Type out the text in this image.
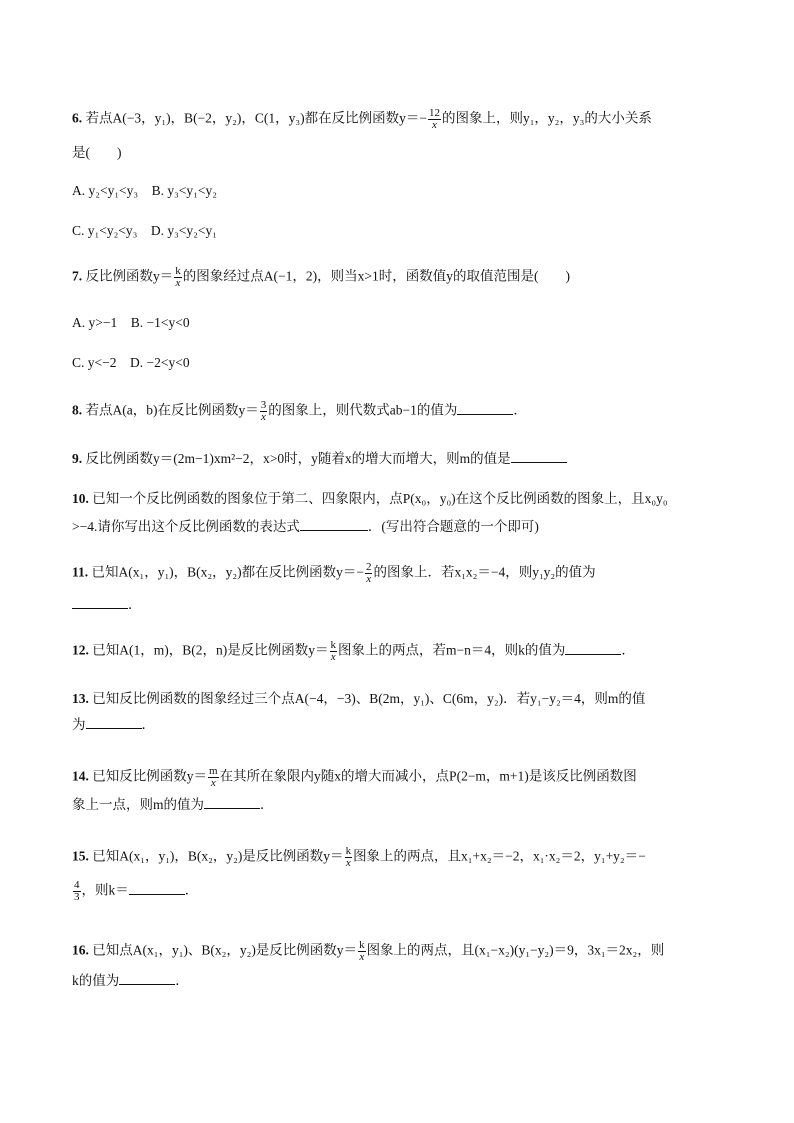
6. 若点A(−3，y₁)，B(−2，y₂)，C(1，y₃)都在反比例函数$y=- \frac{12}{x}$ 的图象上，则y₁，y₂，y₃的大小关系
是(　　)
A. y₂<y₁<y₃　B. y₃<y₁<y₂
C. y₁<y₂<y₃　D. y₃<y₂<y₁
7. 反比例函数$y= \frac{k}{x}$ 的图象经过点A(−1，2)，则当x>1时，函数值y的取值范围是(　　)
A. y>−1　B. −1<y<0
C. y<−2　D. −2<y<0
8. 若点A(a，b)在反比例函数$y= \frac{3}{x}$ 的图象上，则代数式ab−1的值为	．
9. 反比例函数y＝(2m−1)xm²−2，x>0时，y随着x的增大而增大，则m的值是
10. 已知一个反比例函数的图象位于第二、四象限内，点P(x₀，y₀)在这个反比例函数的图象上，且x₀y₀
>−4.请你写出这个反比例函数的表达式	．(写出符合题意的一个即可)
11. 已知A(x₁，y₁)，B(x₂，y₂)都在反比例函数$y=- \frac{2}{x}$ 的图象上．若x₁x₂＝−4，则y₁y₂的值为
．
12. 已知A(1，m)，B(2，n)是反比例函数$y= \frac{k}{x}$ 图象上的两点，若m−n＝4，则k的值为	．
13. 已知反比例函数的图象经过三个点A(−4，−3)、B(2m，y₁)、C(6m，y₂)．若y₁−y₂＝4，则m的值
为	．
14. 已知反比例函数$y= \frac{m}{x}$ 在其所在象限内y随x的增大而减小，点P(2−m，m+1)是该反比例函数图
象上一点，则m的值为	．
15. 已知A(x₁，y₁)，B(x₂，y₂)是反比例函数$y= \frac{k}{x}$ 图象上的两点，且x₁+x₂＝−2，x₁·x₂＝2，y₁+y₂＝−
$\frac{4}{3}$ ，则k＝	．
16. 已知点A(x₁，y₁)、B(x₂，y₂)是反比例函数$y= \frac{k}{x}$ 图象上的两点，且(x₁−x₂)(y₁−y₂)＝9，3x₁＝2x₂，则
k的值为	．
